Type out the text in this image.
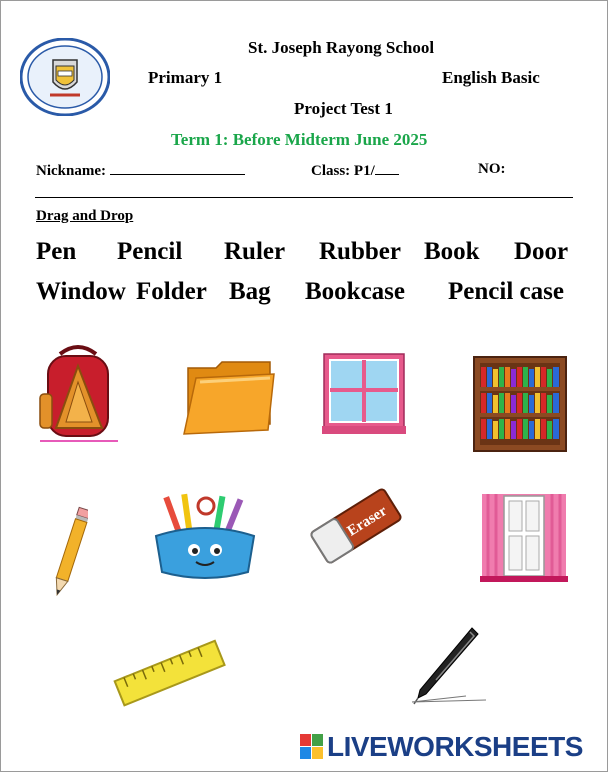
St. Joseph Rayong School
Primary 1	English Basic
Project Test 1
Term 1: Before Midterm June 2025
Nickname:	Class: P1/	NO:
Drag and Drop
Pen Pencil Ruler Rubber Book Door
Window Folder Bag Bookcase Pencil case
Eraser
LIVEWORKSHEETS
